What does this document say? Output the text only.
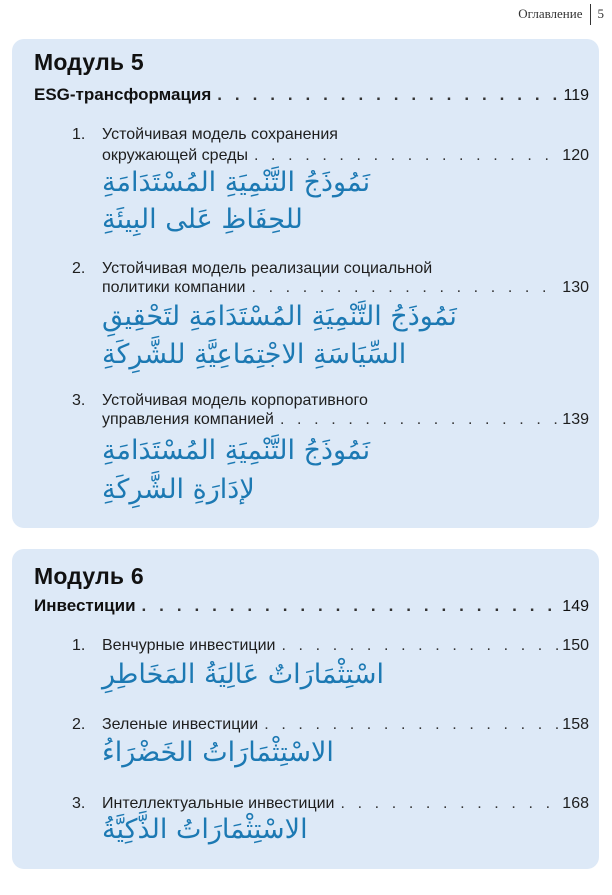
Оглавление	5
Модуль 5
ESG-трансформация . . .	119
1. Устойчивая модель сохранения
окружающей среды . . .	120
نَمُوذَجُ التَّنْمِيَةِ المُسْتَدَامَةِ
للحِفَاظِ عَلى البِيئَةِ
2. Устойчивая модель реализации социальной
политики компании . . .	130
نَمُوذَجُ التَّنْمِيَةِ المُسْتَدَامَةِ لتَحْقِيقِ
السِّيَاسَةِ الاجْتِمَاعِيَّةِ للشَّرِكَةِ
3. Устойчивая модель корпоративного
управления компанией . . .	139
نَمُوذَجُ التَّنْمِيَةِ المُسْتَدَامَةِ
لإدَارَةِ الشَّرِكَةِ
Модуль 6
Инвестиции . . .	149
1. Венчурные инвестиции . . .	150
اسْتِثْمَارَاتٌ عَالِيَةُ المَخَاطِرِ
2. Зеленые инвестиции . . .	158
الاسْتِثْمَارَاتُ الخَضْرَاءُ
3. Интеллектуальные инвестиции . . .	168
الاسْتِثْمَارَاتُ الذَّكِيَّةُ
